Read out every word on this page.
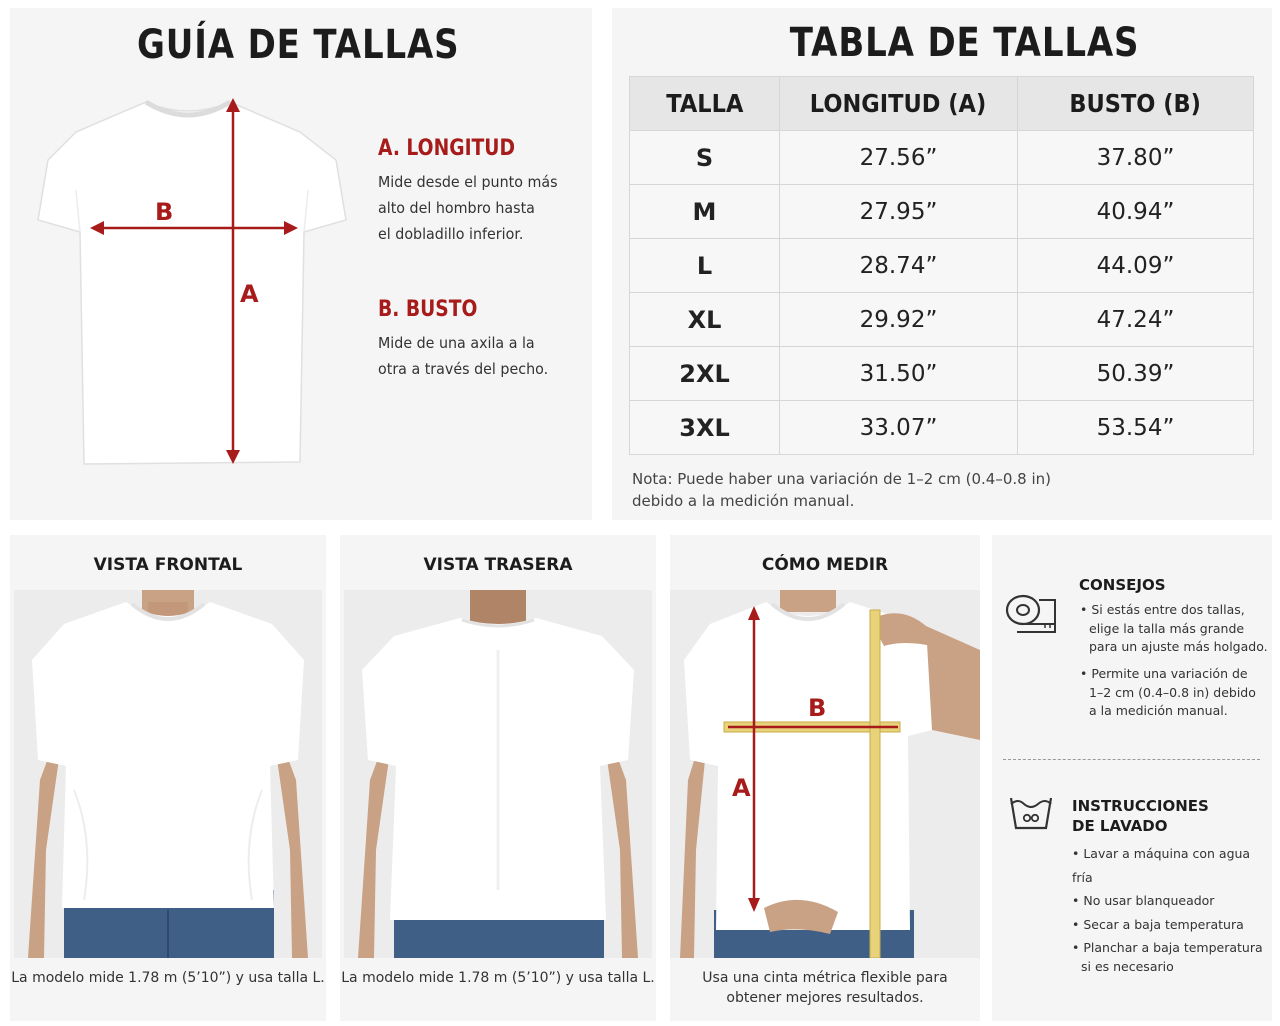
GUÍA DE TALLAS
B
A
A. LONGITUD
Mide desde el punto más
alto del hombro hasta
el dobladillo inferior.
B. BUSTO
Mide de una axila a la
otra a través del pecho.
TABLA DE TALLAS
TALLA	LONGITUD (A)	BUSTO (B)
S	27.56”	37.80”
M	27.95”	40.94”
L	28.74”	44.09”
XL	29.92”	47.24”
2XL	31.50”	50.39”
3XL	33.07”	53.54”
Nota: Puede haber una variación de 1–2 cm (0.4–0.8 in)
debido a la medición manual.
VISTA FRONTAL
La modelo mide 1.78 m (5’10”) y usa talla L.
VISTA TRASERA
La modelo mide 1.78 m (5’10”) y usa talla L.
CÓMO MEDIR
B
A
Usa una cinta métrica flexible para
obtener mejores resultados.
CONSEJOS
• Si estás entre dos tallas,
elige la talla más grande
para un ajuste más holgado.
• Permite una variación de
1–2 cm (0.4–0.8 in) debido
a la medición manual.
INSTRUCCIONES
DE LAVADO
• Lavar a máquina con agua fría
• No usar blanqueador
• Secar a baja temperatura
• Planchar a baja temperatura
si es necesario
